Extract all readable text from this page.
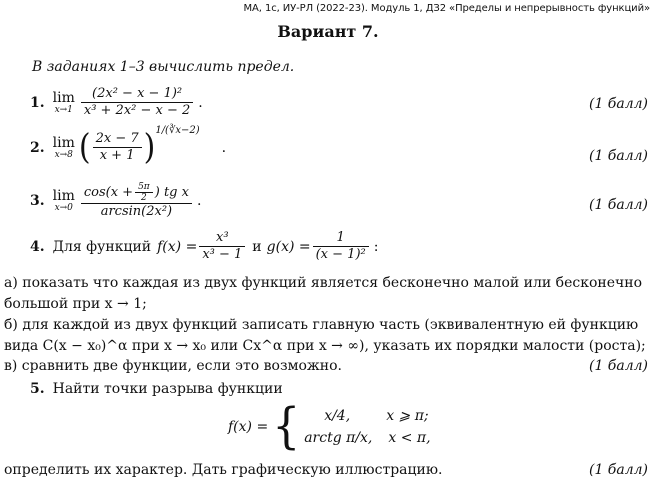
МА, 1с, ИУ-РЛ (2022-23). Модуль 1, ДЗ2 «Пределы и непрерывность функций»
Вариант 7.
В заданиях 1–3 вычислить предел.
1. lim
$x\to 1 \frac{\text{(2x² − x − 1)²}}{\text{x³ + 2x² − x − 2}}$ .	(1 балл)
2. lim
x→8 ( $\frac{2x - 7}{x + 1}$ ) 1/(∛x−2)
.
(1 балл)
3. lim
x→0
$\cos(x + \frac{5\pi}{2}$ ) tg x
arcsin(2x²)
.	(1 балл)
4. Для функций $f(x) = \frac{\text{x³}}{\text{x³ − 1}}$ и $g(x) = \frac{1}{\text{(x − 1)²}}$ :
а) показать что каждая из двух функций является бесконечно малой или бесконечно
большой при x → 1;
б) для каждой из двух функций записать главную часть (эквивалентную ей функцию
вида C(x − x₀)^α при x → x₀ или Cx^α при x → ∞), указать их порядки малости (роста);
в) сравнить две функции, если это возможно.	(1 балл)
5. Найти точки разрыва функции
f(x) = {	x/4,	x ⩾ π;
arctg π/x, x < π,
определить их характер. Дать графическую иллюстрацию.	(1 балл)
